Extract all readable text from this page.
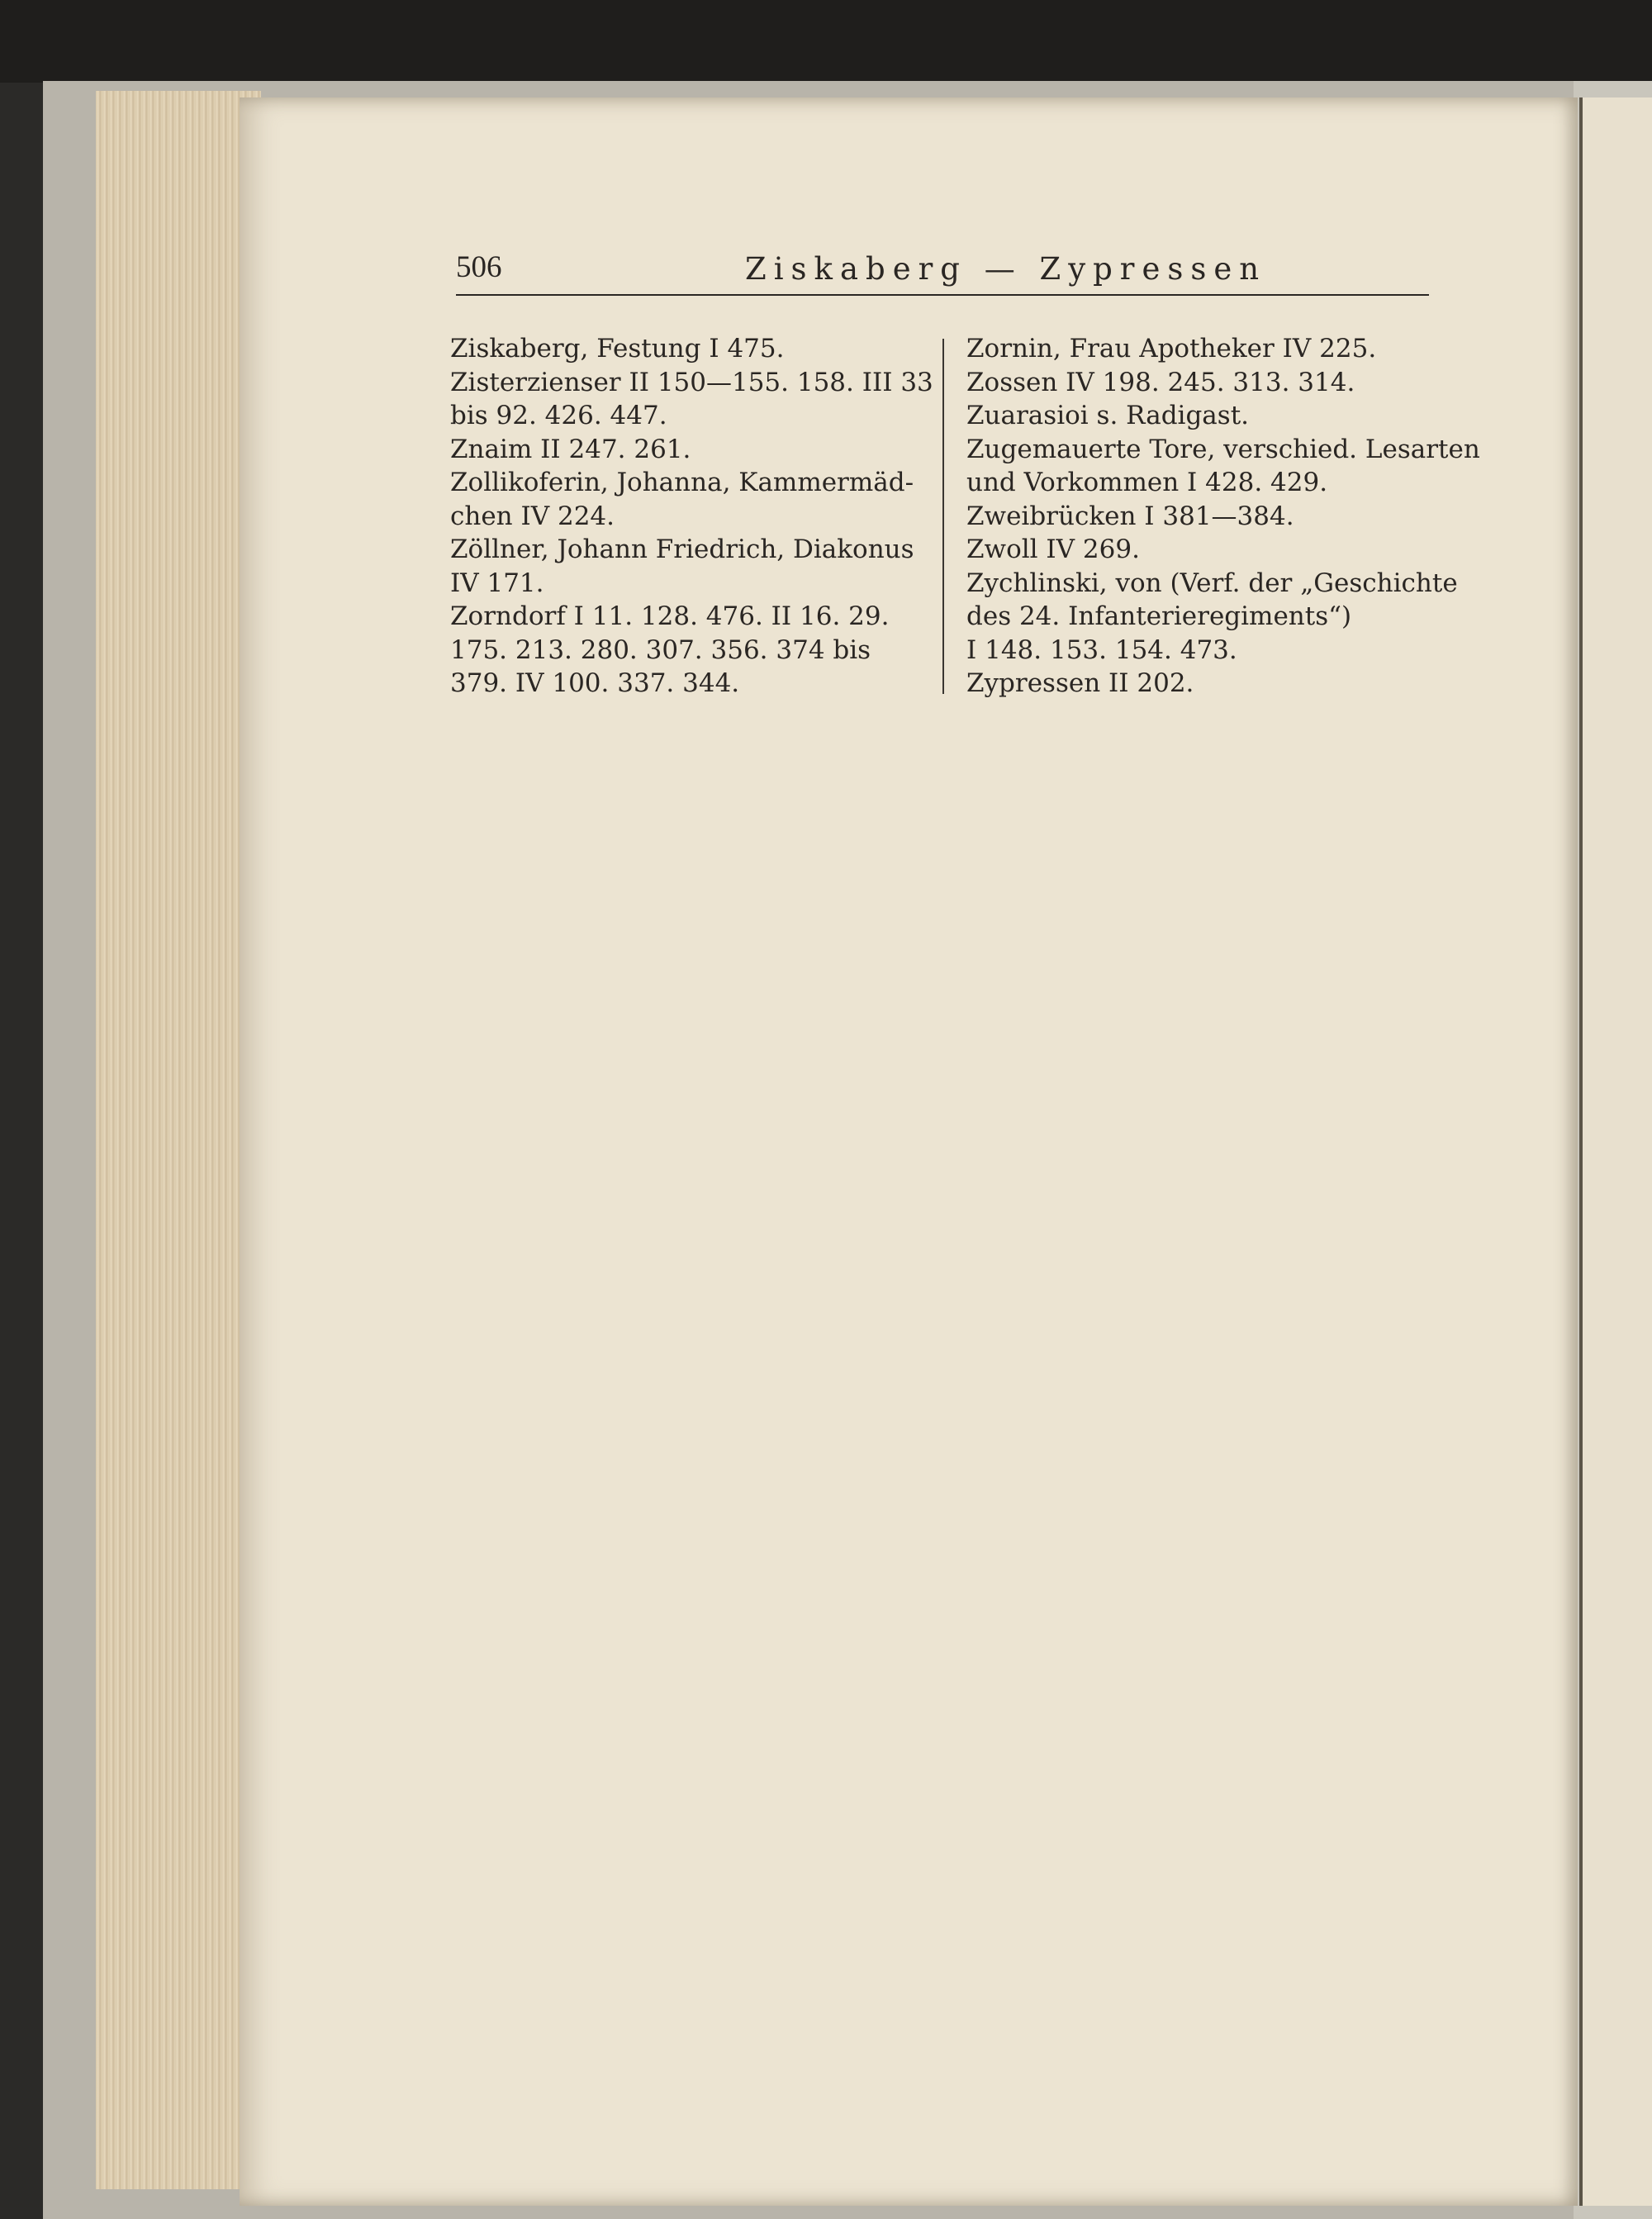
506	Ziskaberg — Zypressen
Ziskaberg, Festung I 475.
Zisterzienser II 150—155. 158. III 33
bis 92. 426. 447.
Znaim II 247. 261.
Zollikoferin, Johanna, Kammermäd-
chen IV 224.
Zöllner, Johann Friedrich, Diakonus
IV 171.
Zorndorf I 11. 128. 476. II 16. 29.
175. 213. 280. 307. 356. 374 bis
379. IV 100. 337. 344.
Zornin, Frau Apotheker IV 225.
Zossen IV 198. 245. 313. 314.
Zuarasioi s. Radigast.
Zugemauerte Tore, verschied. Lesarten
und Vorkommen I 428. 429.
Zweibrücken I 381—384.
Zwoll IV 269.
Zychlinski, von (Verf. der „Geschichte
des 24. Infanterieregiments“)
I 148. 153. 154. 473.
Zypressen II 202.
